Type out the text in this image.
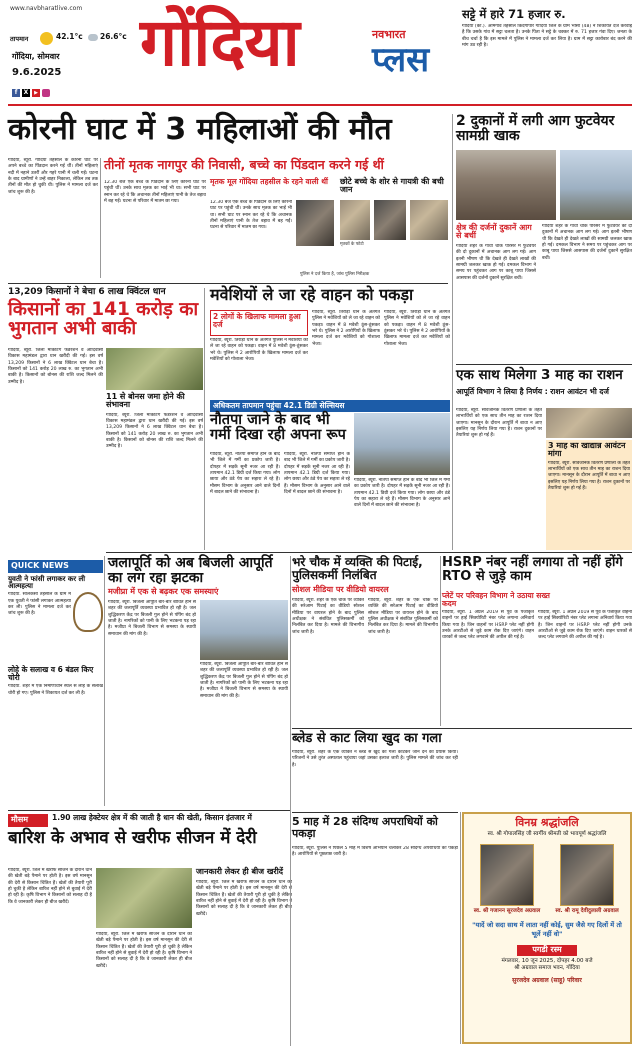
www.navbharatlive.com
तापमान	42.1°c 26.6°c
गोंदिया, सोमवार
9.6.2025
f	X	▶
गोंदिया	नवभारत
प्लस
सट्टे में हारे 71 हजार रु.
गोंदिया (का.). आमगांव तहसील किंदगीपार गोंदिया जिले के ग्राम भोसा (48) ने शिकायत दर्ज करवाई है कि उसके गांव में सट्टा चलता है। उनके पिता ने सट्टे के चक्कर में रु. 71 हजार गंवा दिए। जनता के बीच चर्चा है कि इस मामले में पुलिस ने मामला दर्ज कर लिया है। ग्राम में सट्टा कारोबार बंद करने की मांग उठ रही है।
कोरनी घाट में 3 महिलाओं की मौत
गोंदिया, ब्यूरो. गोंदिया तहसील के कोरनी घाट पर अपने बच्चे का पिंडदान करने गई थीं। तीनों महिलाएं नदी में नहाने उतरीं और गहरे पानी में चली गईं। घटना के बाद ग्रामीणों ने उन्हें बाहर निकाला, लेकिन तब तक तीनों की मौत हो चुकी थी। पुलिस ने मामला दर्ज कर जांच शुरू की है।
तीनों मृतक नागपुर की निवासी, बच्चे का पिंडदान करने गई थीं
12.30 बजे एक बच्चे के पिंडदान के लिए कोरनी घाट पर पहुंची थीं। उनके साथ मृतक का भाई भी था। सभी घाट पर स्नान कर रहे थे कि अचानक तीनों महिलाएं पानी के तेज बहाव में बह गईं। घटना से परिवार में मातम छा गया।
मृतक मूल गोंदिया तहसील के रहने वाली थीं	छोटे बच्चे के शोर से गायत्री की बची जान
12.30 बजे एक बच्चे के पिंडदान के लिए कोरनी घाट पर पहुंची थीं। उनके साथ मृतक का भाई भी था। सभी घाट पर स्नान कर रहे थे कि अचानक तीनों महिलाएं पानी के तेज बहाव में बह गईं। घटना से परिवार में मातम छा गया।
मृतकों के फोटो
पुलिस ने दर्ज किया है, जांच पुलिस निरीक्षक
2 दुकानों में लगी आग फुटवेयर सामग्री खाक
क्षेत्र की दर्जनों दुकानें आग से बचीं
गोंदिया शहर के गांधी चौक परिसर में फुटवेयर की दो दुकानों में अचानक आग लग गई। आग इतनी भीषण थी कि देखते ही देखते लाखों की सामग्री जलकर खाक हो गई। दमकल विभाग ने समय पर पहुंचकर आग पर काबू पाया जिससे आसपास की दर्जनों दुकानें सुरक्षित बचीं।
गोंदिया शहर के गांधी चौक परिसर में फुटवेयर की दो दुकानों में अचानक आग लग गई। आग इतनी भीषण थी कि देखते ही देखते लाखों की सामग्री जलकर खाक हो गई। दमकल विभाग ने समय पर पहुंचकर आग पर काबू पाया जिससे आसपास की दर्जनों दुकानें सुरक्षित बचीं।
13,209 किसानों ने बेचा 6 लाख क्विंटल धान
किसानों का 141 करोड़ का भुगतान अभी बाकी
गोंदिया, ब्यूरो. जिला मार्केटिंग फेडरेशन व आदिवासी विकास महामंडल द्वारा धान खरीदी की गई। इस वर्ष 13,209 किसानों ने 6 लाख क्विंटल धान बेचा है। किसानों को 141 करोड़ 20 लाख रु. का भुगतान अभी बाकी है। किसानों को बोनस की राशि जल्द मिलने की उम्मीद है।
11 से बोनस जमा होने की संभावना
गोंदिया, ब्यूरो. जिला मार्केटिंग फेडरेशन व आदिवासी विकास महामंडल द्वारा धान खरीदी की गई। इस वर्ष 13,209 किसानों ने 6 लाख क्विंटल धान बेचा है। किसानों को 141 करोड़ 20 लाख रु. का भुगतान अभी बाकी है। किसानों को बोनस की राशि जल्द मिलने की उम्मीद है।
QUICK NEWS
युवती ने फांसी लगाकर कर ली आत्महत्या
गोंदिया. सालेकसा तहसील के ग्राम में एक युवती ने फांसी लगाकर आत्महत्या कर ली। पुलिस ने मामला दर्ज कर जांच शुरू की है।
लोहे के सलाख व 6 बंडल किए चोरी
गोंदिया. शहर में एक निर्माणाधीन स्थल से लोहे के सलाख चोरी हो गए। पुलिस ने शिकायत दर्ज कर ली है।
मवेशियों ले जा रहे वाहन को पकड़ा
2 लोगों के खिलाफ मामला हुआ दर्ज
गोंदिया, ब्यूरो. तिरोड़ा थाने के अंतर्गत पुलिस ने मवेशियों को ले जा रहे वाहन को पकड़ा। वाहन में 8 मवेशी ठूंस-ठूंसकर भरे थे। पुलिस ने 2 आरोपियों के खिलाफ मामला दर्ज कर मवेशियों को गोशाला भेजा।
गोंदिया, ब्यूरो. तिरोड़ा थाने के अंतर्गत पुलिस ने मवेशियों को ले जा रहे वाहन को पकड़ा। वाहन में 8 मवेशी ठूंस-ठूंसकर भरे थे। पुलिस ने 2 आरोपियों के खिलाफ मामला दर्ज कर मवेशियों को गोशाला भेजा।
गोंदिया, ब्यूरो. तिरोड़ा थाने के अंतर्गत पुलिस ने मवेशियों को ले जा रहे वाहन को पकड़ा। वाहन में 8 मवेशी ठूंस-ठूंसकर भरे थे। पुलिस ने 2 आरोपियों के खिलाफ मामला दर्ज कर मवेशियों को गोशाला भेजा।
अधिकतम तापमान पहुंचा 42.1 डिग्री सेल्सियस
नौतपा जाने के बाद भी गर्मी दिखा रही अपना रूप
गोंदिया, ब्यूरो. नौतपा समाप्त होने के बाद भी जिले में गर्मी का प्रकोप जारी है। दोपहर में सड़कें सूनी नजर आ रही हैं। तापमान 42.1 डिग्री दर्ज किया गया। लोग छाया और ठंडे पेय का सहारा ले रहे हैं। मौसम विभाग के अनुसार आने वाले दिनों में बादल छाने की संभावना है।
गोंदिया, ब्यूरो. नौतपा समाप्त होने के बाद भी जिले में गर्मी का प्रकोप जारी है। दोपहर में सड़कें सूनी नजर आ रही हैं। तापमान 42.1 डिग्री दर्ज किया गया। लोग छाया और ठंडे पेय का सहारा ले रहे हैं। मौसम विभाग के अनुसार आने वाले दिनों में बादल छाने की संभावना है।
गोंदिया, ब्यूरो. नौतपा समाप्त होने के बाद भी जिले में गर्मी का प्रकोप जारी है। दोपहर में सड़कें सूनी नजर आ रही हैं। तापमान 42.1 डिग्री दर्ज किया गया। लोग छाया और ठंडे पेय का सहारा ले रहे हैं। मौसम विभाग के अनुसार आने वाले दिनों में बादल छाने की संभावना है।
एक साथ मिलेगा 3 माह का राशन
आपूर्ति विभाग ने लिया है निर्णय : राशन आवंटन भी दर्ज
गोंदिया, ब्यूरो. सार्वजनिक वितरण प्रणाली के तहत लाभार्थियों को एक साथ तीन माह का राशन दिया जाएगा। मानसून के दौरान आपूर्ति में बाधा न आए इसलिए यह निर्णय लिया गया है। राशन दुकानों पर तैयारियां शुरू हो गई हैं।
3 माह का खाद्यान्न आवंटन मांगा
गोंदिया, ब्यूरो. सार्वजनिक वितरण प्रणाली के तहत लाभार्थियों को एक साथ तीन माह का राशन दिया जाएगा। मानसून के दौरान आपूर्ति में बाधा न आए इसलिए यह निर्णय लिया गया है। राशन दुकानों पर तैयारियां शुरू हो गई हैं।
जलापूर्ति को अब बिजली आपूर्ति का लग रहा झटका
मजीप्रा में एक से बढ़कर एक समस्याएं
गोंदिया, ब्यूरो. बिजली आपूर्ति बार-बार बाधित होने से शहर की जलापूर्ति व्यवस्था प्रभावित हो रही है। जल शुद्धिकरण केंद्र पर बिजली गुल होने से पंपिंग बंद हो जाती है। नागरिकों को पानी के लिए भटकना पड़ रहा है। मजीप्रा ने बिजली विभाग से समस्या के स्थायी समाधान की मांग की है।
गोंदिया, ब्यूरो. बिजली आपूर्ति बार-बार बाधित होने से शहर की जलापूर्ति व्यवस्था प्रभावित हो रही है। जल शुद्धिकरण केंद्र पर बिजली गुल होने से पंपिंग बंद हो जाती है। नागरिकों को पानी के लिए भटकना पड़ रहा है। मजीप्रा ने बिजली विभाग से समस्या के स्थायी समाधान की मांग की है।
भरे चौक में व्यक्ति की पिटाई, पुलिसकर्मी निलंबित
सोशल मीडिया पर वीडियो वायरल
गोंदिया, ब्यूरो. शहर के एक चौक पर व्यक्ति की सरेआम पिटाई का वीडियो सोशल मीडिया पर वायरल होने के बाद पुलिस अधीक्षक ने संबंधित पुलिसकर्मी को निलंबित कर दिया है। मामले की विभागीय जांच जारी है।
गोंदिया, ब्यूरो. शहर के एक चौक पर व्यक्ति की सरेआम पिटाई का वीडियो सोशल मीडिया पर वायरल होने के बाद पुलिस अधीक्षक ने संबंधित पुलिसकर्मी को निलंबित कर दिया है। मामले की विभागीय जांच जारी है।
HSRP नंबर नहीं लगाया तो नहीं होंगे RTO से जुड़े काम
प्लेटें पर परिवहन विभाग ने उठाया सख्त कदम
गोंदिया, ब्यूरो. 1 अप्रैल 2019 से पूर्व के पंजीकृत वाहनों पर हाई सिक्योरिटी नंबर प्लेट लगाना अनिवार्य किया गया है। जिन वाहनों पर HSRP प्लेट नहीं होगी उनके आरटीओ से जुड़े काम रोक दिए जाएंगे। वाहन धारकों से जल्द प्लेट लगवाने की अपील की गई है।
गोंदिया, ब्यूरो. 1 अप्रैल 2019 से पूर्व के पंजीकृत वाहनों पर हाई सिक्योरिटी नंबर प्लेट लगाना अनिवार्य किया गया है। जिन वाहनों पर HSRP प्लेट नहीं होगी उनके आरटीओ से जुड़े काम रोक दिए जाएंगे। वाहन धारकों से जल्द प्लेट लगवाने की अपील की गई है।
ब्लेड से काट लिया खुद का गला
गोंदिया, ब्यूरो. शहर के एक व्यक्ति ने ब्लेड से खुद का गला काटकर जान देने का प्रयास किया। परिजनों ने उसे तुरंत अस्पताल पहुंचाया जहां उसका इलाज जारी है। पुलिस मामले की जांच कर रही है।
5 माह में 28 संदिग्ध अपराधियों को पकड़ा
गोंदिया, ब्यूरो. पुलिस ने पिछले 5 माह में विशेष अभियान चलाकर 28 संदिग्ध अपराधियों को पकड़ा है। आरोपियों से पूछताछ जारी है।
मौसम	1.90 लाख हेक्टेयर क्षेत्र में की जाती है धान की खेती, किसान इंतजार में
बारिश के अभाव से खरीफ सीजन में देरी
गोंदिया, ब्यूरो. जिले में खरीफ सीजन के दौरान धान की खेती बड़े पैमाने पर होती है। इस वर्ष मानसून की देरी से किसान चिंतित हैं। खेतों की तैयारी पूरी हो चुकी है लेकिन बारिश नहीं होने से बुवाई में देरी हो रही है। कृषि विभाग ने किसानों को सलाह दी है कि वे जानकारी लेकर ही बीज खरीदें।
जानकारी लेकर ही बीज खरीदें
गोंदिया, ब्यूरो. जिले में खरीफ सीजन के दौरान धान की खेती बड़े पैमाने पर होती है। इस वर्ष मानसून की देरी से किसान चिंतित हैं। खेतों की तैयारी पूरी हो चुकी है लेकिन बारिश नहीं होने से बुवाई में देरी हो रही है। कृषि विभाग ने किसानों को सलाह दी है कि वे जानकारी लेकर ही बीज खरीदें।
गोंदिया, ब्यूरो. जिले में खरीफ सीजन के दौरान धान की खेती बड़े पैमाने पर होती है। इस वर्ष मानसून की देरी से किसान चिंतित हैं। खेतों की तैयारी पूरी हो चुकी है लेकिन बारिश नहीं होने से बुवाई में देरी हो रही है। कृषि विभाग ने किसानों को सलाह दी है कि वे जानकारी लेकर ही बीज खरीदें।
विनम्र श्रद्धांजलि
स्व. श्री गोपालसिंह जी स्वर्गीय श्रीमती को भावपूर्ण श्रद्धांजलि
स्व. श्री गजानन सूरजदेव अग्रवाल	स्व. श्री रामू देवीदुलाली अग्रवाल
"यादें जो सदा साथ में लाता नहीं कोई, सुम जैसे गए दिलों में तो भूलें नहीं वो"
पगडी रस्म
मंगलवार, 10 जून 2025, दोपहर 4.00 बजे
श्री अग्रवाल समाज भवन, गोंदिया
सुरजदेव अग्रवाल (साहू) परिवार
